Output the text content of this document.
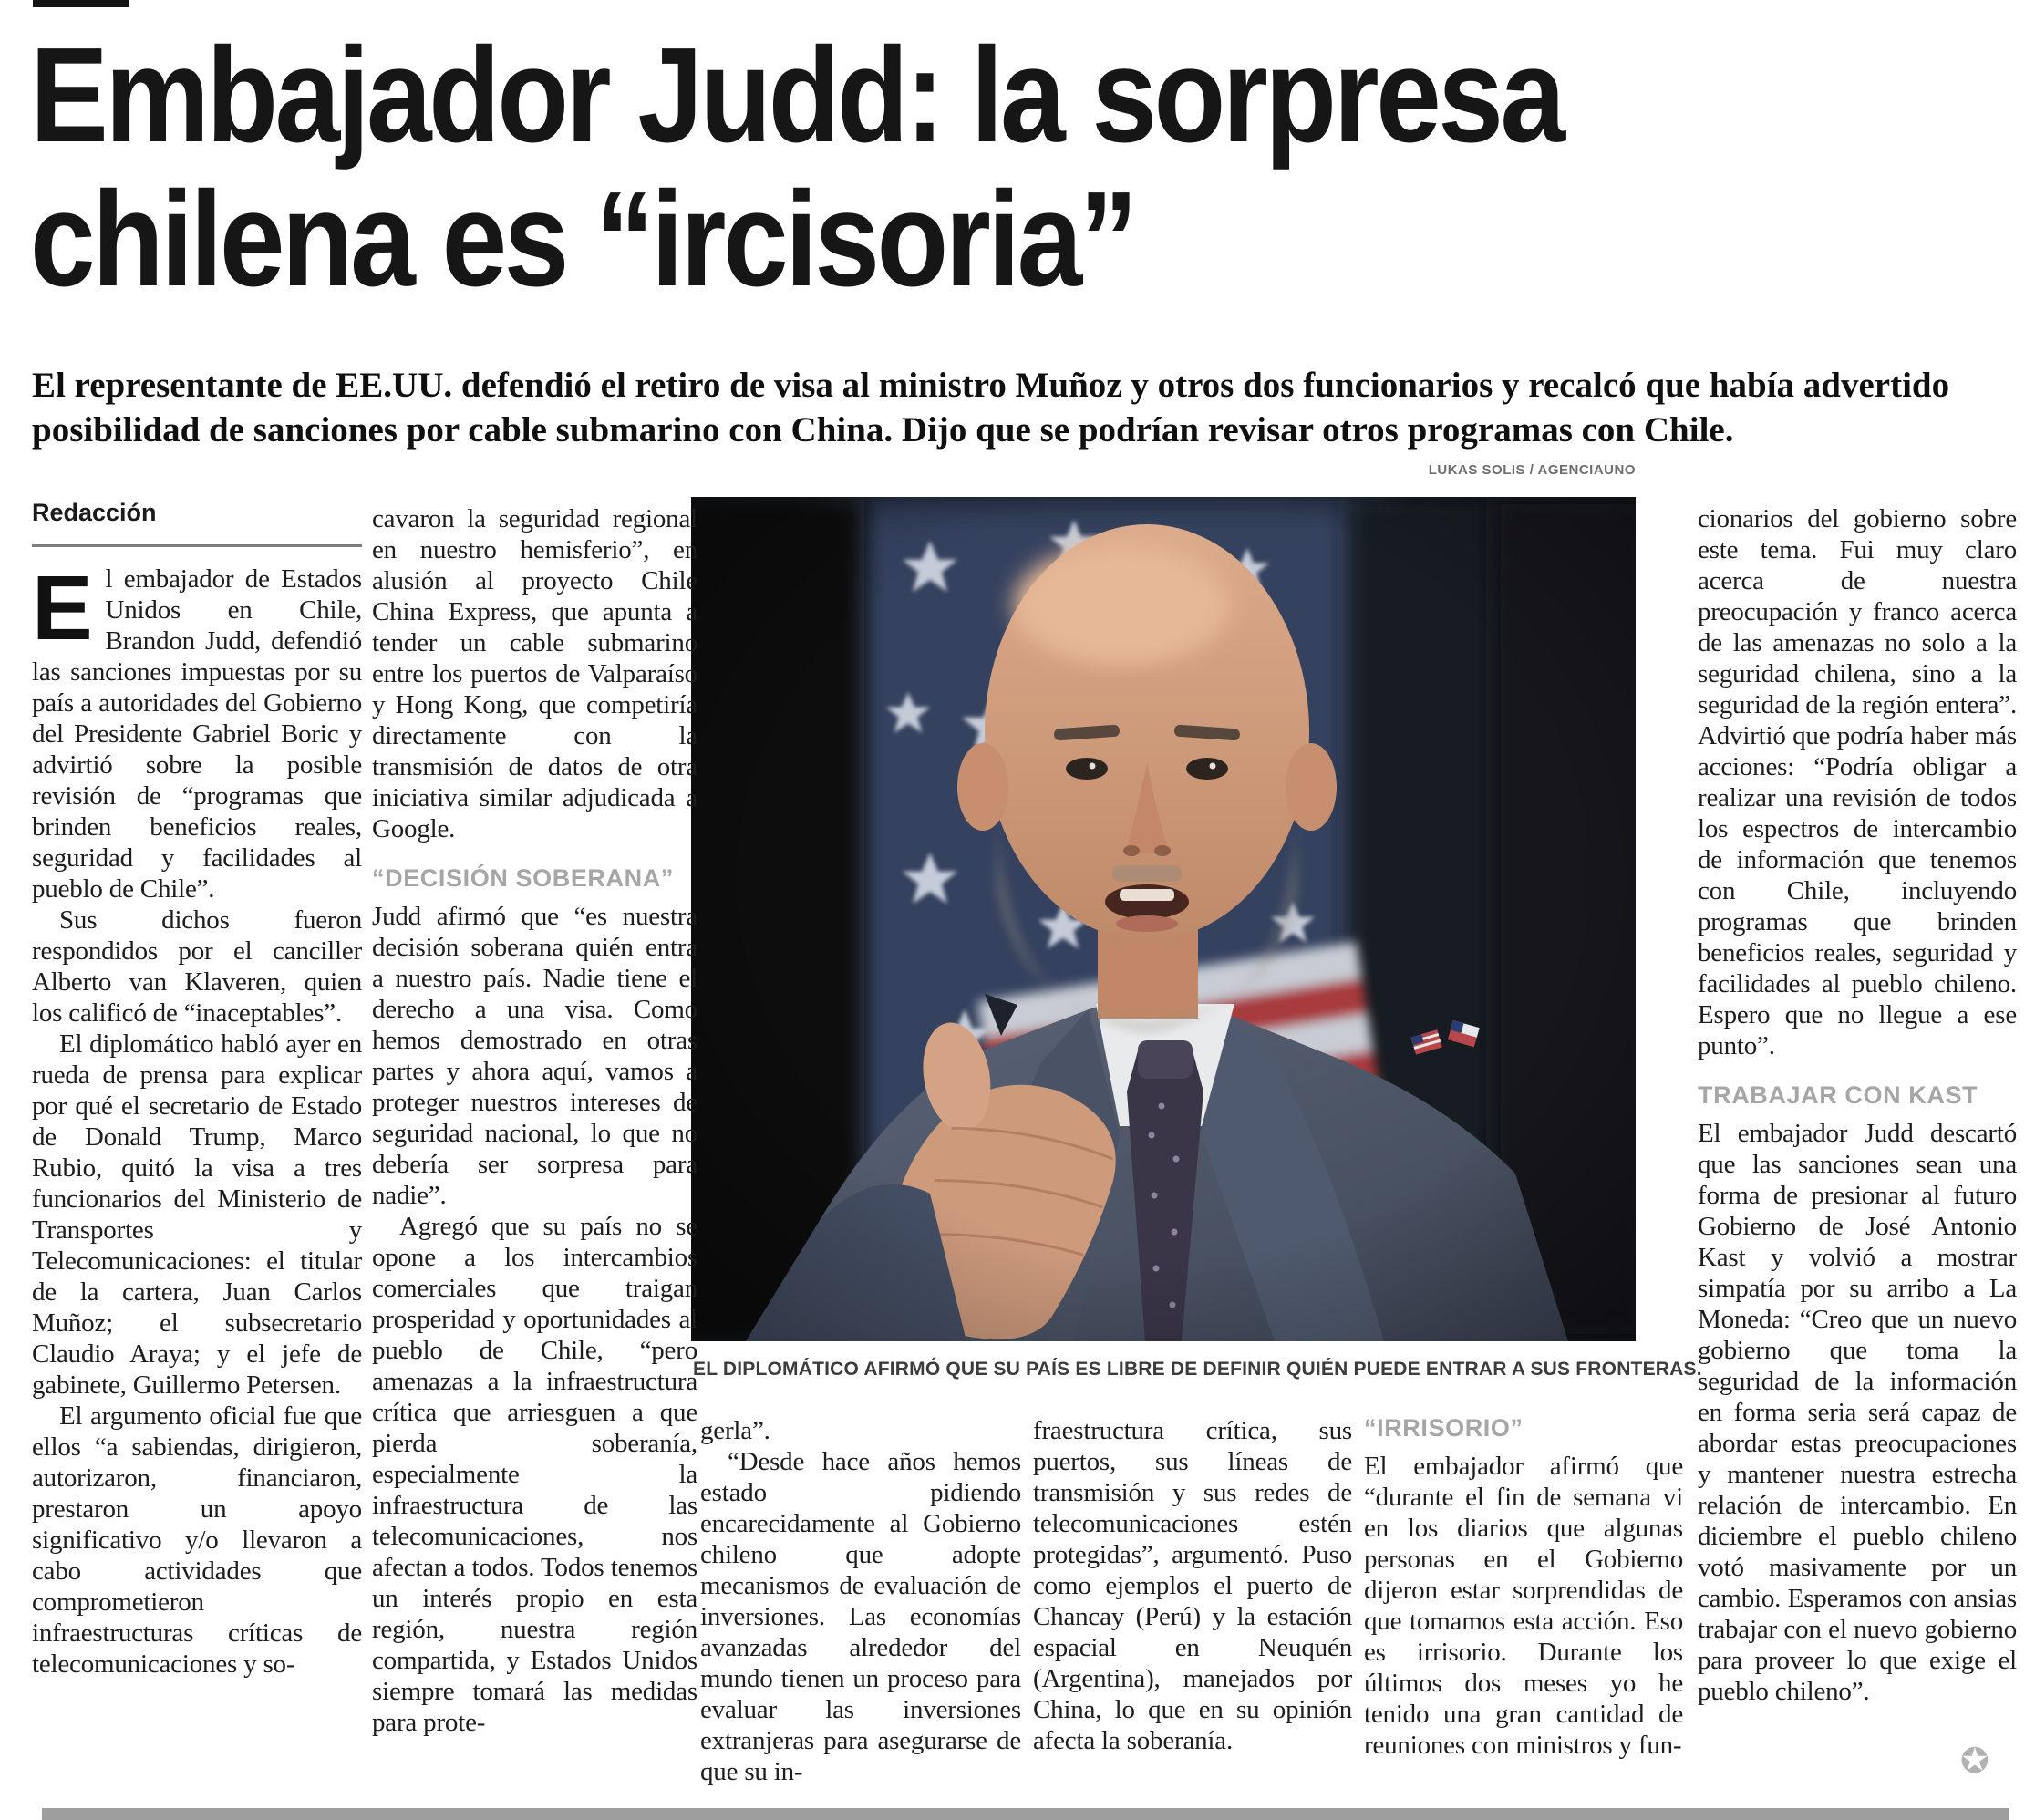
Embajador Judd: la sorpresa
chilena es “ircisoria”
El representante de EE.UU. defendió el retiro de visa al ministro Muñoz y otros dos funcionarios y recalcó que había advertido posibilidad de sanciones por cable submarino con China. Dijo que se podrían revisar otros programas con Chile.
Redacción
LUKAS SOLIS / AGENCIAUNO
EL DIPLOMÁTICO AFIRMÓ QUE SU PAÍS ES LIBRE DE DEFINIR QUIÉN PUEDE ENTRAR A SUS FRONTERAS.

El embajador de Estados Unidos en Chile, Brandon Judd, defendió las sanciones impuestas por su país a autoridades del Gobierno del Presidente Gabriel Boric y advirtió sobre la posible revisión de “programas que brinden beneficios reales, seguridad y facilidades al pueblo de Chile”.

Sus dichos fueron respondidos por el canciller Alberto van Klaveren, quien los calificó de “inaceptables”.

El diplomático habló ayer en rueda de prensa para explicar por qué el secretario de Estado de Donald Trump, Marco Rubio, quitó la visa a tres funcionarios del Ministerio de Transportes y Telecomunicaciones: el titular de la cartera, Juan Carlos Muñoz; el subsecretario Claudio Araya; y el jefe de gabinete, Guillermo Petersen.

El argumento oficial fue que ellos “a sabiendas, dirigieron, autorizaron, financiaron, prestaron un apoyo significativo y/o llevaron a cabo actividades que comprometieron infraestructuras críticas de telecomunicaciones y so-

cavaron la seguridad regional en nuestro hemisferio”, en alusión al proyecto Chile China Express, que apunta a tender un cable submarino entre los puertos de Valparaíso y Hong Kong, que competiría directamente con la transmisión de datos de otra iniciativa similar adjudicada a Google.

“DECISIÓN SOBERANA”

Judd afirmó que “es nuestra decisión soberana quién entra a nuestro país. Nadie tiene el derecho a una visa. Como hemos demostrado en otras partes y ahora aquí, vamos a proteger nuestros intereses de seguridad nacional, lo que no debería ser sorpresa para nadie”.

Agregó que su país no se opone a los intercambios comerciales que traigan prosperidad y oportunidades al pueblo de Chile, “pero amenazas a la infraestructura crítica que arriesguen a que pierda soberanía, especialmente la infraestructura de las telecomunicaciones, nos afectan a todos. Todos tenemos un interés propio en esta región, nuestra región compartida, y Estados Unidos siempre tomará las medidas para prote-

gerla”.

“Desde hace años hemos estado pidiendo encarecidamente al Gobierno chileno que adopte mecanismos de evaluación de inversiones. Las economías avanzadas alrededor del mundo tienen un proceso para evaluar las inversiones extranjeras para asegurarse de que su in-

fraestructura crítica, sus puertos, sus líneas de transmisión y sus redes de telecomunicaciones estén protegidas”, argumentó. Puso como ejemplos el puerto de Chancay (Perú) y la estación espacial en Neuquén (Argentina), manejados por China, lo que en su opinión afecta la soberanía.

“IRRISORIO”

El embajador afirmó que “durante el fin de semana vi en los diarios que algunas personas en el Gobierno dijeron estar sorprendidas de que tomamos esta acción. Eso es irrisorio. Durante los últimos dos meses yo he tenido una gran cantidad de reuniones con ministros y fun-

cionarios del gobierno sobre este tema. Fui muy claro acerca de nuestra preocupación y franco acerca de las amenazas no solo a la seguridad chilena, sino a la seguridad de la región entera”. Advirtió que podría haber más acciones: “Podría obligar a realizar una revisión de todos los espectros de intercambio de información que tenemos con Chile, incluyendo programas que brinden beneficios reales, seguridad y facilidades al pueblo chileno. Espero que no llegue a ese punto”.

TRABAJAR CON KAST

El embajador Judd descartó que las sanciones sean una forma de presionar al futuro Gobierno de José Antonio Kast y volvió a mostrar simpatía por su arribo a La Moneda: “Creo que un nuevo gobierno que toma la seguridad de la información en forma seria será capaz de abordar estas preocupaciones y mantener nuestra estrecha relación de intercambio. En diciembre el pueblo chileno votó masivamente por un cambio. Esperamos con ansias trabajar con el nuevo gobierno para proveer lo que exige el pueblo chileno”.

✪
